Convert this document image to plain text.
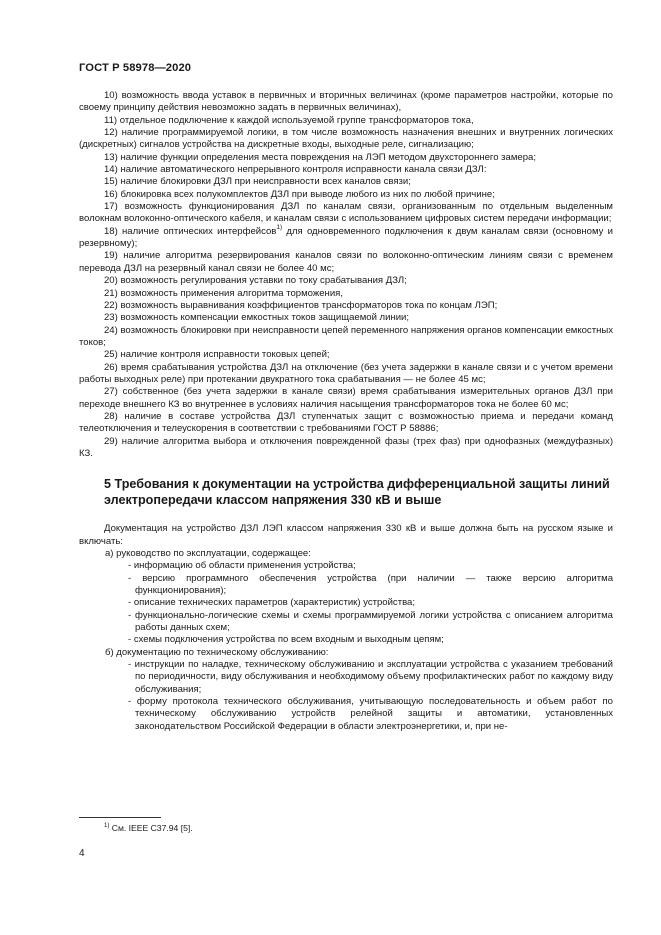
ГОСТ Р 58978—2020

10) возможность ввода уставок в первичных и вторичных величинах (кроме параметров настройки, которые по своему принципу действия невозможно задать в первичных величинах),

11) отдельное подключение к каждой используемой группе трансформаторов тока,

12) наличие программируемой логики, в том числе возможность назначения внешних и внутренних логических (дискретных) сигналов устройства на дискретные входы, выходные реле, сигнализацию;

13) наличие функции определения места повреждения на ЛЭП методом двухстороннего замера;

14) наличие автоматического непрерывного контроля исправности канала связи ДЗЛ:

15) наличие блокировки ДЗЛ при неисправности всех каналов связи;

16) блокировка всех полукомплектов ДЗЛ при выводе любого из них по любой причине;

17) возможность функционирования ДЗЛ по каналам связи, организованным по отдельным выделенным волокнам волоконно-оптического кабеля, и каналам связи с использованием цифровых систем передачи информации;

18) наличие оптических интерфейсов$^{1)}$ для одновременного подключения к двум каналам связи (основному и резервному);

19) наличие алгоритма резервирования каналов связи по волоконно-оптическим линиям связи с временем перевода ДЗЛ на резервный канал связи не более 40 мс;

20) возможность регулирования уставки по току срабатывания ДЗЛ;

21) возможность применения алгоритма торможения,

22) возможность выравнивания коэффициентов трансформаторов тока по концам ЛЭП;

23) возможность компенсации емкостных токов защищаемой линии;

24) возможность блокировки при неисправности цепей переменного напряжения органов компенсации емкостных токов;

25) наличие контроля исправности токовых цепей;

26) время срабатывания устройства ДЗЛ на отключение (без учета задержки в канале связи и с учетом времени работы выходных реле) при протекании двукратного тока срабатывания — не более 45 мс;

27) собственное (без учета задержки в канале связи) время срабатывания измерительных органов ДЗЛ при переходе внешнего КЗ во внутреннее в условиях наличия насыщения трансформаторов тока не более 60 мс;

28) наличие в составе устройства ДЗЛ ступенчатых защит с возможностью приема и передачи команд телеотключения и телеускорения в соответствии с требованиями ГОСТ Р 58886;

29) наличие алгоритма выбора и отключения поврежденной фазы (трех фаз) при однофазных (междуфазных) КЗ.

5 Требования к документации на устройства дифференциальной защиты линий электропередачи классом напряжения 330 кВ и выше

Документация на устройство ДЗЛ ЛЭП классом напряжения 330 кВ и выше должна быть на русском языке и включать:

а) руководство по эксплуатации, содержащее:

- информацию об области применения устройства;

- версию программного обеспечения устройства (при наличии — также версию алгоритма функционирования);

- описание технических параметров (характеристик) устройства;

- функционально-логические схемы и схемы программируемой логики устройства с описанием алгоритма работы данных схем;

- схемы подключения устройства по всем входным и выходным цепям;

б) документацию по техническому обслуживанию:

- инструкции по наладке, техническому обслуживанию и эксплуатации устройства с указанием требований по периодичности, виду обслуживания и необходимому объему профилактических работ по каждому виду обслуживания;

- форму протокола технического обслуживания, учитывающую последовательность и объем работ по техническому обслуживанию устройств релейной защиты и автоматики, установленных законодательством Российской Федерации в области электроэнергетики, и, при не-

$^{1)}$ См. IEEE C37.94 [5].
4
